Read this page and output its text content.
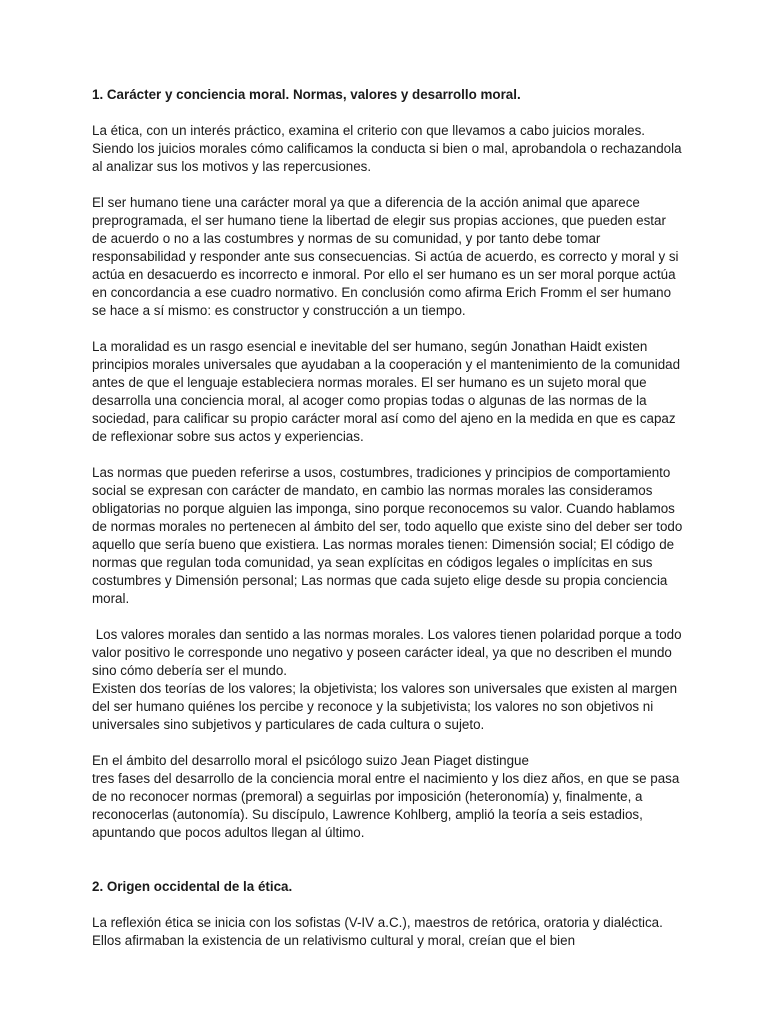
1. Carácter y conciencia moral. Normas, valores y desarrollo moral.

La ética, con un interés práctico, examina el criterio con que llevamos a cabo juicios morales. Siendo los juicios morales cómo calificamos la conducta si bien o mal, aprobandola o rechazandola al analizar sus los motivos y las repercusiones.

El ser humano tiene una carácter moral ya que a diferencia de la acción animal que aparece preprogramada, el ser humano tiene la libertad de elegir sus propias acciones, que pueden estar de acuerdo o no a las costumbres y normas de su comunidad, y por tanto debe tomar responsabilidad y responder ante sus consecuencias. Si actúa de acuerdo, es correcto y moral y si actúa en desacuerdo es incorrecto e inmoral. Por ello el ser humano es un ser moral porque actúa en concordancia a ese cuadro normativo. En conclusión como afirma Erich Fromm el ser humano se hace a sí mismo: es constructor y construcción a un tiempo.

La moralidad es un rasgo esencial e inevitable del ser humano, según Jonathan Haidt existen principios morales universales que ayudaban a la cooperación y el mantenimiento de la comunidad antes de que el lenguaje estableciera normas morales. El ser humano es un sujeto moral que desarrolla una conciencia moral, al acoger como propias todas o algunas de las normas de la sociedad, para calificar su propio carácter moral así como del ajeno en la medida en que es capaz de reflexionar sobre sus actos y experiencias.

Las normas que pueden referirse a usos, costumbres, tradiciones y principios de comportamiento social se expresan con carácter de mandato, en cambio las normas morales las consideramos obligatorias no porque alguien las imponga, sino porque reconocemos su valor. Cuando hablamos de normas morales no pertenecen al ámbito del ser, todo aquello que existe sino del deber ser todo aquello que sería bueno que existiera. Las normas morales tienen: Dimensión social; El código de normas que regulan toda comunidad, ya sean explícitas en códigos legales o implícitas en sus costumbres y Dimensión personal; Las normas que cada sujeto elige desde su propia conciencia moral.

Los valores morales dan sentido a las normas morales. Los valores tienen polaridad porque a todo valor positivo le corresponde uno negativo y poseen carácter ideal, ya que no describen el mundo sino cómo debería ser el mundo.

Existen dos teorías de los valores; la objetivista; los valores son universales que existen al margen del ser humano quiénes los percibe y reconoce y la subjetivista; los valores no son objetivos ni universales sino subjetivos y particulares de cada cultura o sujeto.

En el ámbito del desarrollo moral el psicólogo suizo Jean Piaget distingue

tres fases del desarrollo de la conciencia moral entre el nacimiento y los diez años, en que se pasa de no reconocer normas (premoral) a seguirlas por imposición (heteronomía) y, finalmente, a reconocerlas (autonomía). Su discípulo, Lawrence Kohlberg, amplió la teoría a seis estadios, apuntando que pocos adultos llegan al último.

2. Origen occidental de la ética.

La reflexión ética se inicia con los sofistas (V-IV a.C.), maestros de retórica, oratoria y dialéctica. Ellos afirmaban la existencia de un relativismo cultural y moral, creían que el bien
